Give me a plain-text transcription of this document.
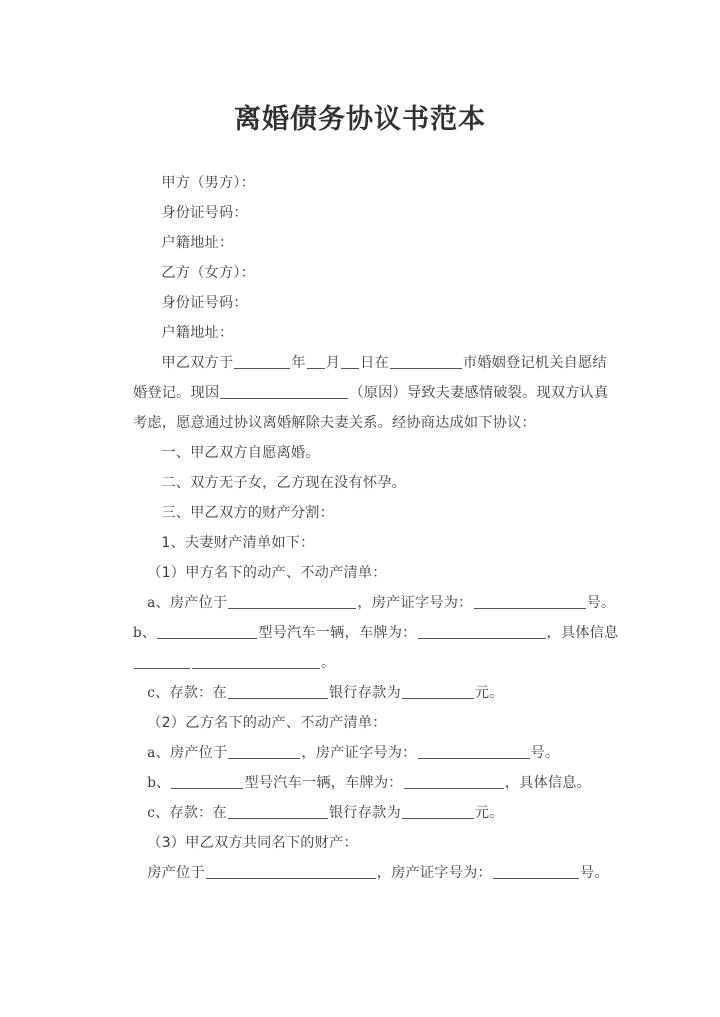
离婚债务协议书范本
甲方（男方）：
身份证号码：
户籍地址：
乙方（女方）：
身份证号码：
户籍地址：
甲乙双方于	年 月 日在	市婚姻登记机关自愿结婚登记。现因	（原因）导致夫妻感情破裂。现双方认真考虑，愿意通过协议离婚解除夫妻关系。经协商达成如下协议：
一、甲乙双方自愿离婚。
二、双方无子女，乙方现在没有怀孕。
三、甲乙双方的财产分割：
1、夫妻财产清单如下：
（1）甲方名下的动产、不动产清单：
a、房产位于	，房产证字号为：	号。
b、	型号汽车一辆，车牌为：	，具体信息。
c、存款：在	银行存款为	元。
（2）乙方名下的动产、不动产清单：
a、房产位于	，房产证字号为：	号。
b、	型号汽车一辆，车牌为：	，具体信息。
c、存款：在	银行存款为	元。
（3）甲乙双方共同名下的财产：
房产位于	，房产证字号为：	号。
